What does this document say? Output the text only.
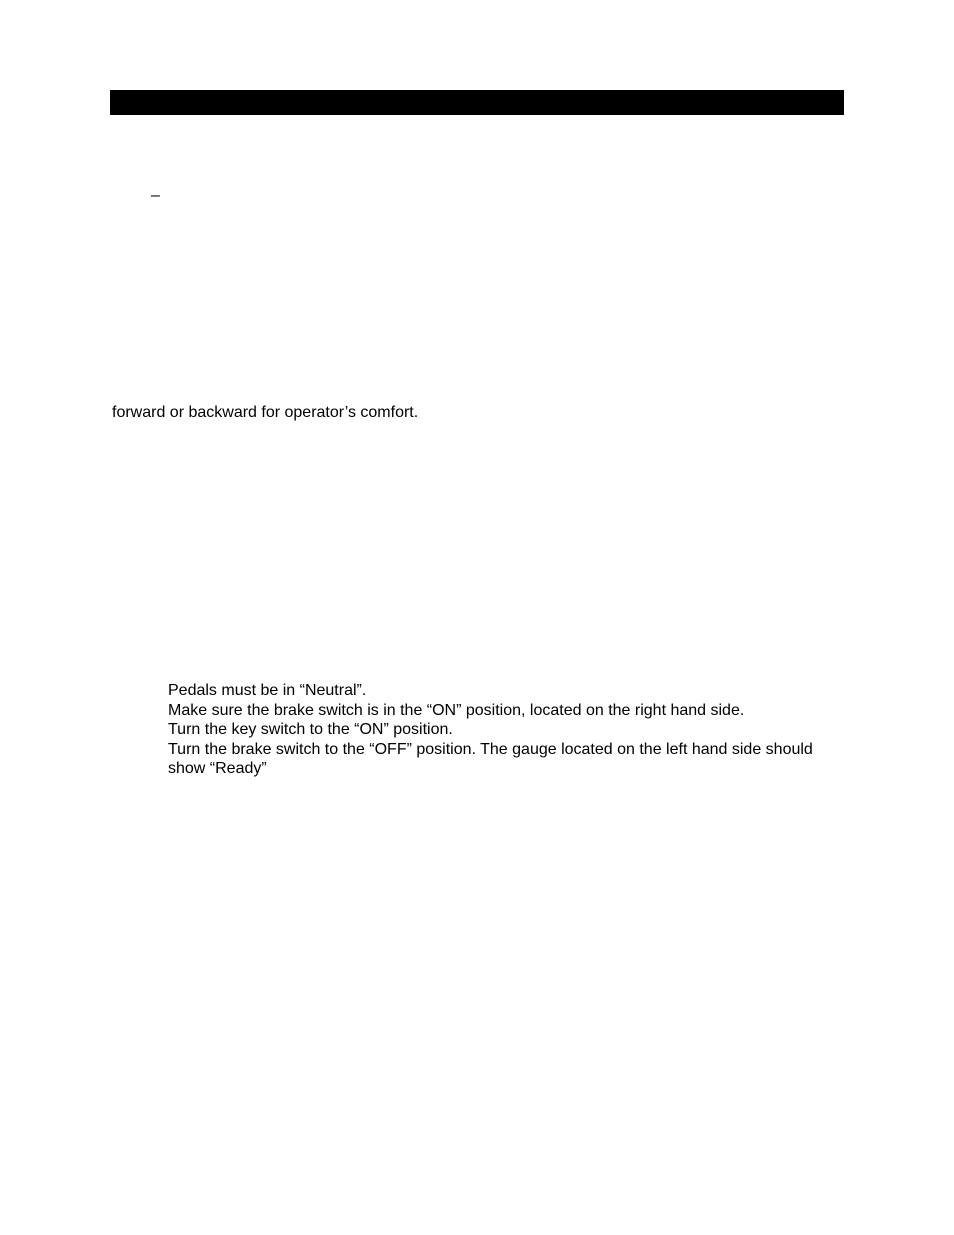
–
forward or backward for operator’s comfort.
Pedals must be in “Neutral”.
Make sure the brake switch is in the “ON” position, located on the right hand side.
Turn the key switch to the “ON” position.
Turn the brake switch to the “OFF” position. The gauge located on the left hand side should show “Ready”
